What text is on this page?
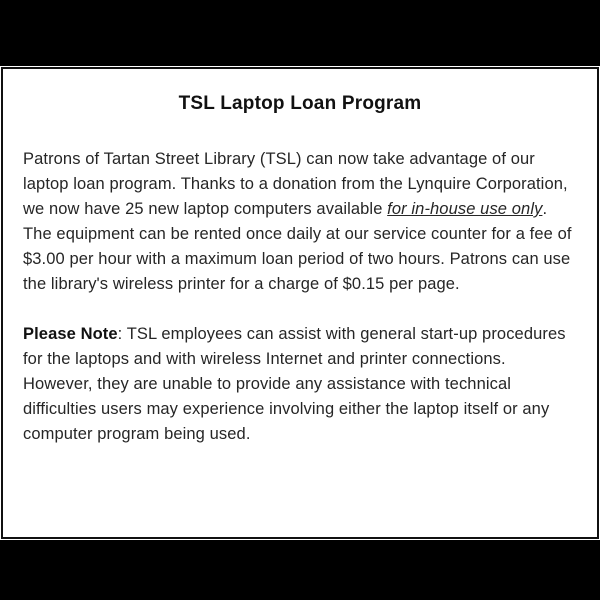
TSL Laptop Loan Program

Patrons of Tartan Street Library (TSL) can now take advantage of our laptop loan program. Thanks to a donation from the Lynquire Corporation, we now have 25 new laptop computers available for in-house use only. The equipment can be rented once daily at our service counter for a fee of $3.00 per hour with a maximum loan period of two hours. Patrons can use the library's wireless printer for a charge of $0.15 per page.

Please Note: TSL employees can assist with general start-up procedures for the laptops and with wireless Internet and printer connections. However, they are unable to provide any assistance with technical difficulties users may experience involving either the laptop itself or any computer program being used.
